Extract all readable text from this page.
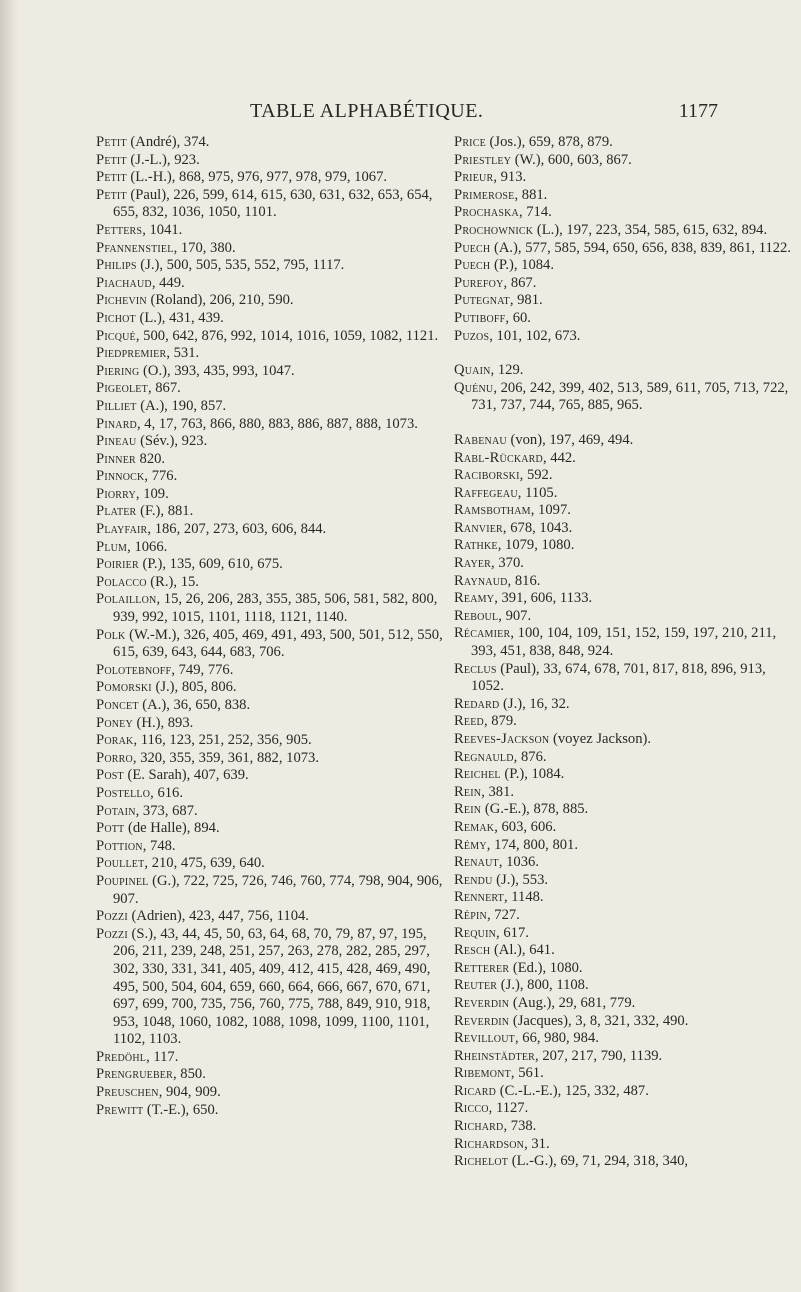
TABLE ALPHABÉTIQUE.	1177

Petit (André), 374.

Petit (J.-L.), 923.

Petit (L.-H.), 868, 975, 976, 977, 978, 979, 1067.

Petit (Paul), 226, 599, 614, 615, 630, 631, 632, 653, 654, 655, 832, 1036, 1050, 1101.

Petters, 1041.

Pfannenstiel, 170, 380.

Philips (J.), 500, 505, 535, 552, 795, 1117.

Piachaud, 449.

Pichevin (Roland), 206, 210, 590.

Pichot (L.), 431, 439.

Picqué, 500, 642, 876, 992, 1014, 1016, 1059, 1082, 1121.

Piedpremier, 531.

Piering (O.), 393, 435, 993, 1047.

Pigeolet, 867.

Pilliet (A.), 190, 857.

Pinard, 4, 17, 763, 866, 880, 883, 886, 887, 888, 1073.

Pineau (Sév.), 923.

Pinner 820.

Pinnock, 776.

Piorry, 109.

Plater (F.), 881.

Playfair, 186, 207, 273, 603, 606, 844.

Plum, 1066.

Poirier (P.), 135, 609, 610, 675.

Polacco (R.), 15.

Polaillon, 15, 26, 206, 283, 355, 385, 506, 581, 582, 800, 939, 992, 1015, 1101, 1118, 1121, 1140.

Polk (W.-M.), 326, 405, 469, 491, 493, 500, 501, 512, 550, 615, 639, 643, 644, 683, 706.

Polotebnoff, 749, 776.

Pomorski (J.), 805, 806.

Poncet (A.), 36, 650, 838.

Poney (H.), 893.

Porak, 116, 123, 251, 252, 356, 905.

Porro, 320, 355, 359, 361, 882, 1073.

Post (E. Sarah), 407, 639.

Postello, 616.

Potain, 373, 687.

Pott (de Halle), 894.

Pottion, 748.

Poullet, 210, 475, 639, 640.

Poupinel (G.), 722, 725, 726, 746, 760, 774, 798, 904, 906, 907.

Pozzi (Adrien), 423, 447, 756, 1104.

Pozzi (S.), 43, 44, 45, 50, 63, 64, 68, 70, 79, 87, 97, 195, 206, 211, 239, 248, 251, 257, 263, 278, 282, 285, 297, 302, 330, 331, 341, 405, 409, 412, 415, 428, 469, 490, 495, 500, 504, 604, 659, 660, 664, 666, 667, 670, 671, 697, 699, 700, 735, 756, 760, 775, 788, 849, 910, 918, 953, 1048, 1060, 1082, 1088, 1098, 1099, 1100, 1101, 1102, 1103.

Predöhl, 117.

Prengrueber, 850.

Preuschen, 904, 909.

Prewitt (T.-E.), 650.

Price (Jos.), 659, 878, 879.

Priestley (W.), 600, 603, 867.

Prieur, 913.

Primerose, 881.

Prochaska, 714.

Prochownick (L.), 197, 223, 354, 585, 615, 632, 894.

Puech (A.), 577, 585, 594, 650, 656, 838, 839, 861, 1122.

Puech (P.), 1084.

Purefoy, 867.

Putegnat, 981.

Putiboff, 60.

Puzos, 101, 102, 673.

Quain, 129.

Quénu, 206, 242, 399, 402, 513, 589, 611, 705, 713, 722, 731, 737, 744, 765, 885, 965.

Rabenau (von), 197, 469, 494.

Rabl-Rückard, 442.

Raciborski, 592.

Raffegeau, 1105.

Ramsbotham, 1097.

Ranvier, 678, 1043.

Rathke, 1079, 1080.

Rayer, 370.

Raynaud, 816.

Reamy, 391, 606, 1133.

Reboul, 907.

Récamier, 100, 104, 109, 151, 152, 159, 197, 210, 211, 393, 451, 838, 848, 924.

Reclus (Paul), 33, 674, 678, 701, 817, 818, 896, 913, 1052.

Redard (J.), 16, 32.

Reed, 879.

Reeves-Jackson (voyez Jackson).

Regnauld, 876.

Reichel (P.), 1084.

Rein, 381.

Rein (G.-E.), 878, 885.

Remak, 603, 606.

Rémy, 174, 800, 801.

Renaut, 1036.

Rendu (J.), 553.

Rennert, 1148.

Répin, 727.

Requin, 617.

Resch (Al.), 641.

Retterer (Ed.), 1080.

Reuter (J.), 800, 1108.

Reverdin (Aug.), 29, 681, 779.

Reverdin (Jacques), 3, 8, 321, 332, 490.

Revillout, 66, 980, 984.

Rheinstädter, 207, 217, 790, 1139.

Ribemont, 561.

Ricard (C.-L.-E.), 125, 332, 487.

Ricco, 1127.

Richard, 738.

Richardson, 31.

Richelot (L.-G.), 69, 71, 294, 318, 340,
